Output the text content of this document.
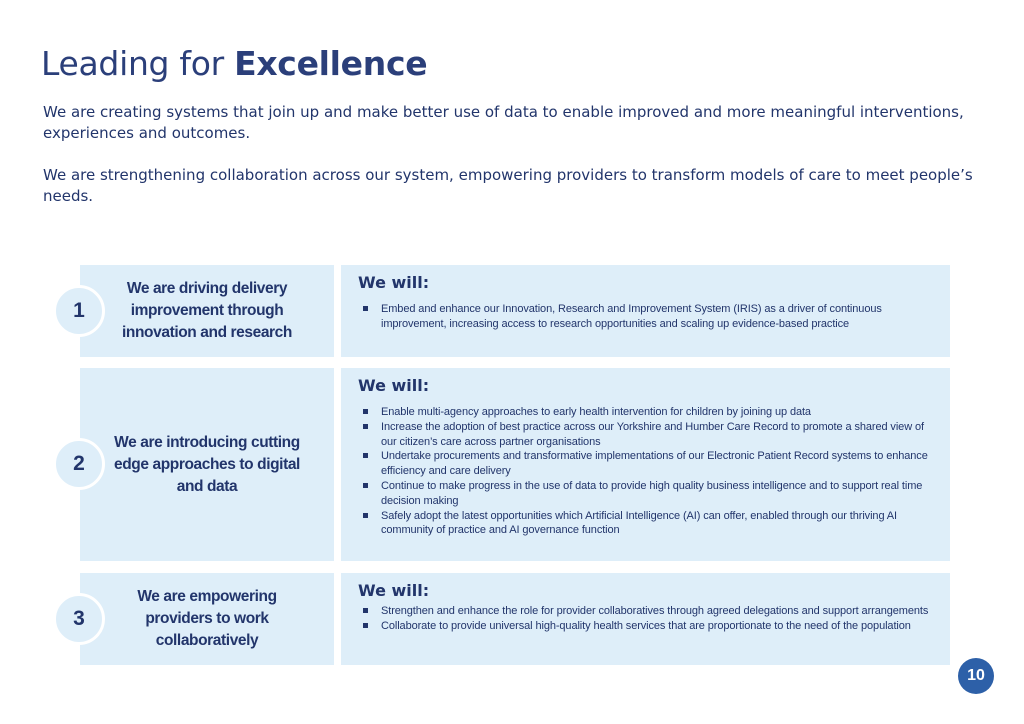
Leading for Excellence

We are creating systems that join up and make better use of data to enable improved and more meaningful interventions, experiences and outcomes.

We are strengthening collaboration across our system, empowering providers to transform models of care to meet people’s needs.

We are driving delivery improvement through innovation and research
1
We will:
Embed and enhance our Innovation, Research and Improvement System (IRIS) as a driver of continuous improvement, increasing access to research opportunities and scaling up evidence-based practice
We are introducing cutting edge approaches to digital and data
2
We will:
Enable multi-agency approaches to early health intervention for children by joining up data
Increase the adoption of best practice across our Yorkshire and Humber Care Record to promote a shared view of our citizen’s care across partner organisations
Undertake procurements and transformative implementations of our Electronic Patient Record systems to enhance efficiency and care delivery
Continue to make progress in the use of data to provide high quality business intelligence and to support real time decision making
Safely adopt the latest opportunities which Artificial Intelligence (AI) can offer, enabled through our thriving AI community of practice and AI governance function
We are empowering providers to work collaboratively
3
We will:
Strengthen and enhance the role for provider collaboratives through agreed delegations and support arrangements
Collaborate to provide universal high-quality health services that are proportionate to the need of the population
10
